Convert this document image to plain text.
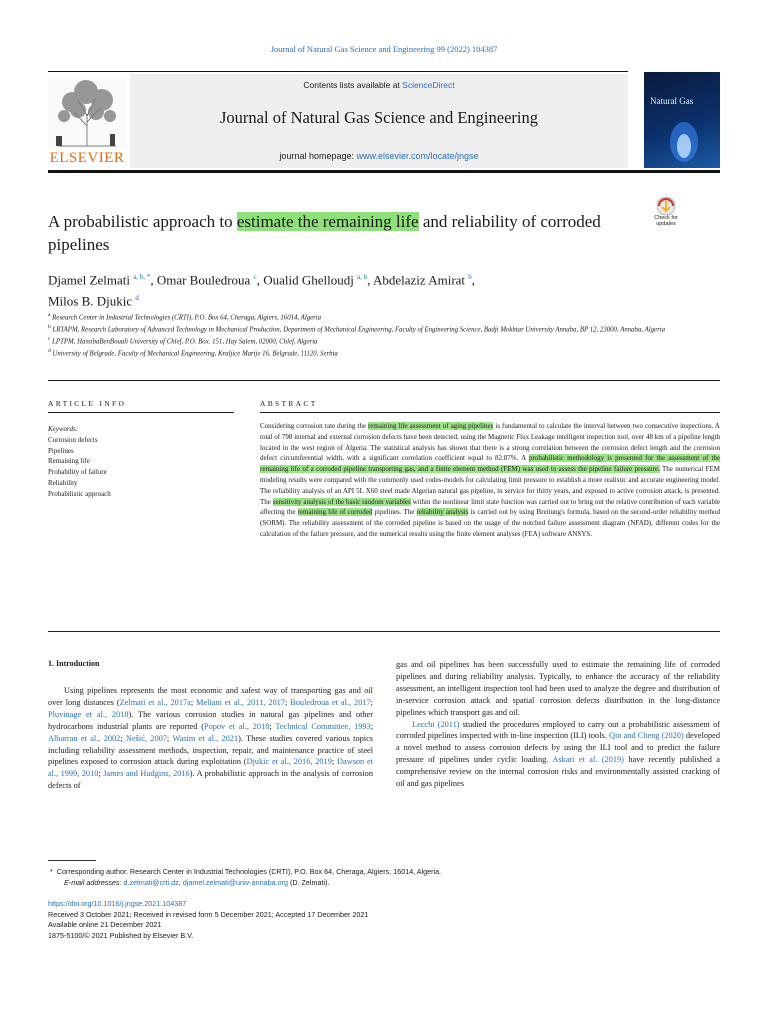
Journal of Natural Gas Science and Engineering 99 (2022) 104387
ELSEVIER
Contents lists available at ScienceDirect
Journal of Natural Gas Science and Engineering
journal homepage: www.elsevier.com/locate/jngse
Natural Gas
Check for updates
A probabilistic approach to estimate the remaining life and reliability of corroded pipelines
Djamel Zelmati $^{a, b, *}$, Omar Bouledroua $^c$, Oualid Ghelloudj $^{a, b}$, Abdelaziz Amirat $^b$,
Milos B. Djukic $^d$
$^a$ Research Center in Industrial Technologies (CRTI), P.O. Box 64, Cheraga, Algiers, 16014, Algeria
$^b$ LRTAPM, Research Laboratory of Advanced Technology in Mechanical Production, Department of Mechanical Engineering, Faculty of Engineering Science, Badji Mokhtar University Annaba, BP 12, 23000, Annaba, Algeria
$^c$ LPTPM, HassibaBenBouali University of Chlef, P.O. Box. 151, Hay Salem, 02000, Chlef, Algeria
$^d$ University of Belgrade, Faculty of Mechanical Engineering, Kraljice Marije 16, Belgrade, 11120, Serbia
ARTICLE INFO	ABSTRACT
Keywords:
Corrosion defects
Pipelines
Remaining life
Probability of failure
Reliability
Probabilistic approach
Considering corrosion rate during the remaining life assessment of aging pipelines is fundamental to calculate the interval between two consecutive inspections. A total of 798 internal and external corrosion defects have been detected, using the Magnetic Flux Leakage intelligent inspection tool, over 48 km of a pipeline length located in the west region of Algeria. The statistical analysis has shown that there is a strong correlation between the corrosion defect length and the corrosion defect circumferential width, with a significant correlation coefficient equal to 82.87%. A probabilistic methodology is presented for the assessment of the remaining life of a corroded pipeline transporting gas, and a finite element method (FEM) was used to assess the pipeline failure pressure. The numerical FEM modeling results were compared with the commonly used codes-models for calculating limit pressure to establish a more realistic and accurate engineering model. The reliability analysis of an API 5L X60 steel made Algerian natural gas pipeline, in service for thirty years, and exposed to active corrosion attack, is presented. The sensitivity analysis of the basic random variables within the nonlinear limit state function was carried out to bring out the relative contribution of each variable affecting the remaining life of corroded pipelines. The reliability analysis is carried out by using Breitung's formula, based on the second-order reliability method (SORM). The reliability assessment of the corroded pipeline is based on the usage of the notched failure assessment diagram (NFAD), different codes for the calculation of the failure pressure, and the numerical results using the finite element analyses (FEA) software ANSYS.
1. Introduction

Using pipelines represents the most economic and safest way of transporting gas and oil over long distances (Zelmati et al., 2017a; Meliani et al., 2011, 2017; Bouledroua et al., 2017; Pluvinage et al., 2018). The various corrosion studies in natural gas pipelines and other hydrocarbons industrial plants are reported (Popov et al., 2018; Technical Committee, 1993; Albarran et al., 2002; Nešić, 2007; Wasim et al., 2021). These studies covered various topics including reliability assessment methods, inspection, repair, and maintenance practice of steel pipelines exposed to corrosion attack during exploitation (Djukic et al., 2016, 2019; Dawson et al., 1999, 2010; James and Hudgins, 2016). A probabilistic approach in the analysis of corrosion defects of

gas and oil pipelines has been successfully used to estimate the remaining life of corroded pipelines and during reliability analysis. Typically, to enhance the accuracy of the reliability assessment, an intelligent inspection tool had been used to analyze the degree and distribution of in-service corrosion attack and spatial corrosion defects distribution in the long-distance pipelines which transport gas and oil.

Lecchi (2011) studied the procedures employed to carry out a probabilistic assessment of corroded pipelines inspected with in-line inspection (ILI) tools. Qin and Cheng (2020) developed a novel method to assess corrosion defects by using the ILI tool and to predict the failure pressure of pipelines under cyclic loading. Askari et al. (2019) have recently published a comprehensive review on the internal corrosion risks and environmentally assisted cracking of oil and gas pipelines

* Corresponding author. Research Center in Industrial Technologies (CRTI), P.O. Box 64, Cheraga, Algiers, 16014, Algeria.
E-mail addresses: d.zelmati@crti.dz, djamel.zelmati@univ-annaba.org (D. Zelmati).
https://doi.org/10.1016/j.jngse.2021.104387
Received 3 October 2021; Received in revised form 5 December 2021; Accepted 17 December 2021
Available online 21 December 2021
1875-5100/© 2021 Published by Elsevier B.V.
